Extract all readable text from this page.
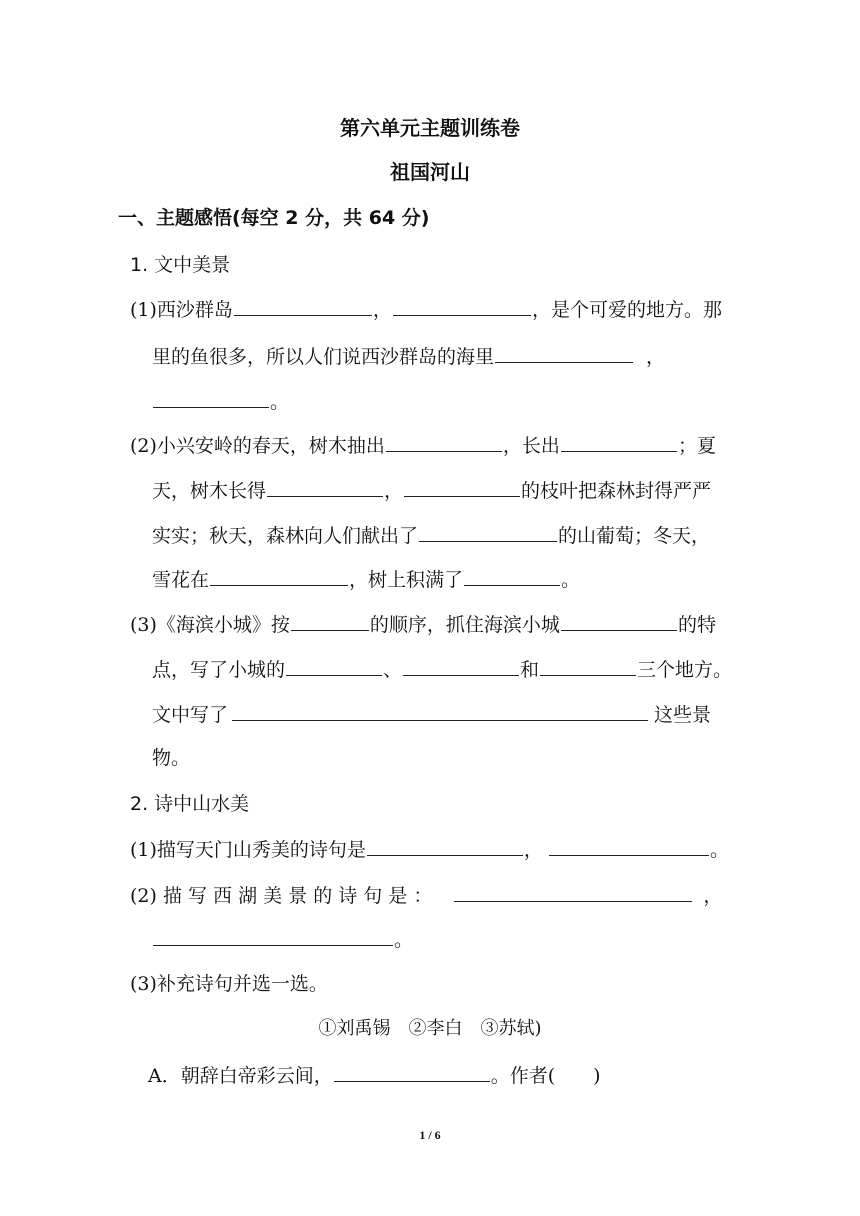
第六单元主题训练卷
祖国河山
一、主题感悟(每空 2 分，共 64 分)
1. 文中美景
(1)西沙群岛	，	，是个可爱的地方。那
里的鱼很多，所以人们说西沙群岛的海里	，
。
(2)小兴安岭的春天，树木抽出	，长出	；夏
天，树木长得	，	的枝叶把森林封得严严
实实；秋天，森林向人们献出了	的山葡萄；冬天，
雪花在	，树上积满了	。
(3)《海滨小城》按	的顺序，抓住海滨小城	的特
点，写了小城的	、	和	三个地方。
文中写了	这些景
物。
2. 诗中山水美
(1)描写天门山秀美的诗句是	，	。
(2) 描 写 西 湖 美 景 的 诗 句 是 ：	，
。
(3)补充诗句并选一选。
①刘禹锡　②李白　③苏轼)
A．朝辞白帝彩云间，	。作者(　　)
1 / 6
